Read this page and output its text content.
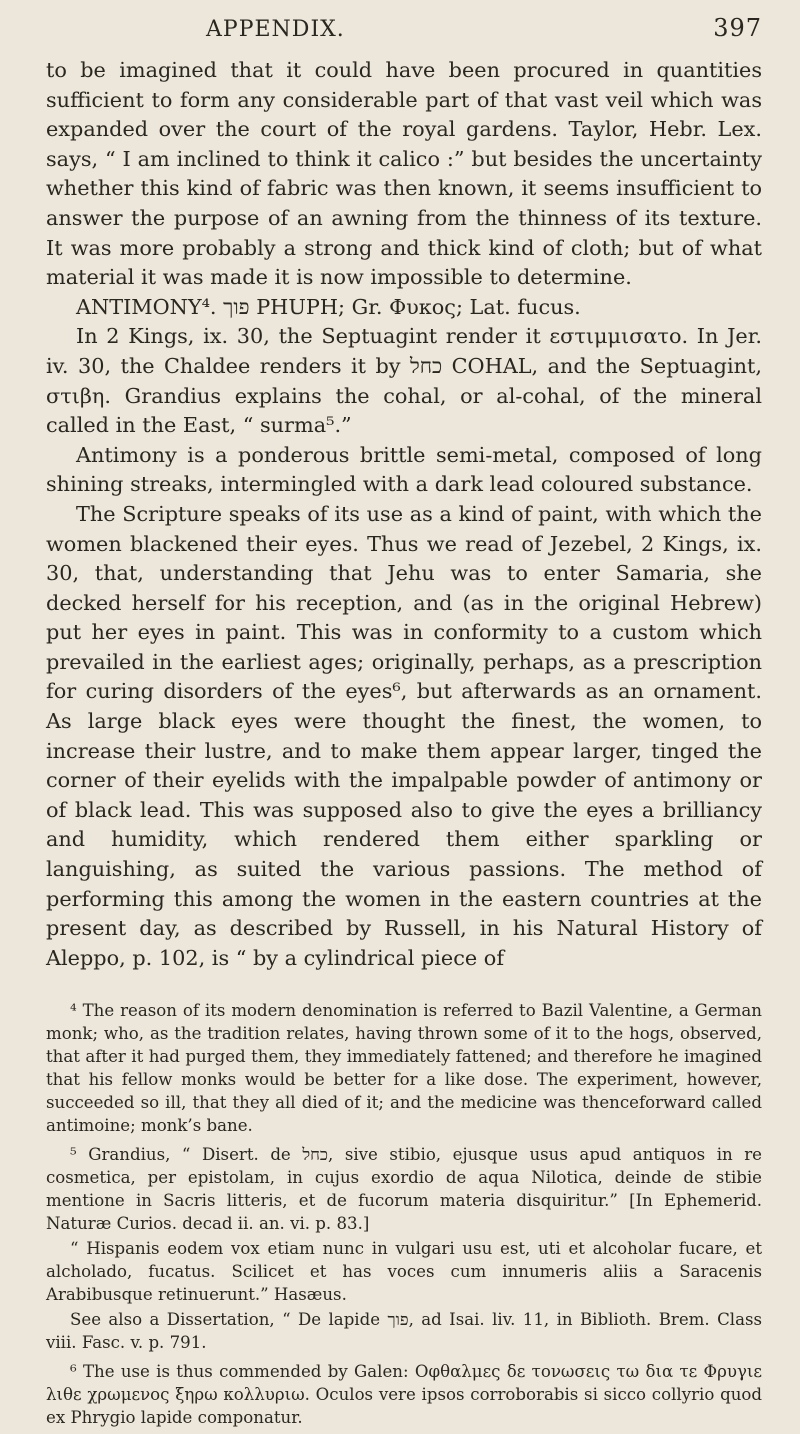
APPENDIX.	397

to be imagined that it could have been procured in quantities sufficient to form any considerable part of that vast veil which was expanded over the court of the royal gardens. Taylor, Hebr. Lex. says, “ I am inclined to think it calico :” but besides the uncertainty whether this kind of fabric was then known, it seems insufficient to answer the purpose of an awning from the thinness of its texture. It was more probably a strong and thick kind of cloth; but of what material it was made it is now impossible to determine.

ANTIMONY⁴. פוך PHUPH; Gr. Φυκος; Lat. fucus.

In 2 Kings, ix. 30, the Septuagint render it εστιμμισατο. In Jer. iv. 30, the Chaldee renders it by כחל COHAL, and the Septuagint, στιβη. Grandius explains the cohal, or al-cohal, of the mineral called in the East, “ surma⁵.”

Antimony is a ponderous brittle semi-metal, composed of long shining streaks, intermingled with a dark lead coloured substance.

The Scripture speaks of its use as a kind of paint, with which the women blackened their eyes. Thus we read of Jezebel, 2 Kings, ix. 30, that, understanding that Jehu was to enter Samaria, she decked herself for his reception, and (as in the original Hebrew) put her eyes in paint. This was in conformity to a custom which prevailed in the earliest ages; originally, perhaps, as a prescription for curing disorders of the eyes⁶, but afterwards as an ornament. As large black eyes were thought the finest, the women, to increase their lustre, and to make them appear larger, tinged the corner of their eyelids with the impalpable powder of antimony or of black lead. This was supposed also to give the eyes a brilliancy and humidity, which rendered them either sparkling or languishing, as suited the various passions. The method of performing this among the women in the eastern countries at the present day, as described by Russell, in his Natural History of Aleppo, p. 102, is “ by a cylindrical piece of

⁴ The reason of its modern denomination is referred to Bazil Valentine, a German monk; who, as the tradition relates, having thrown some of it to the hogs, observed, that after it had purged them, they immediately fattened; and therefore he imagined that his fellow monks would be better for a like dose. The experiment, however, succeeded so ill, that they all died of it; and the medicine was thenceforward called antimoine; monk’s bane.

⁵ Grandius, “ Disert. de כחל, sive stibio, ejusque usus apud antiquos in re cosmetica, per epistolam, in cujus exordio de aqua Nilotica, deinde de stibie mentione in Sacris litteris, et de fucorum materia disquiritur.” [In Ephemerid. Naturæ Curios. decad ii. an. vi. p. 83.]

“ Hispanis eodem vox etiam nunc in vulgari usu est, uti et alcoholar fucare, et alcholado, fucatus. Scilicet et has voces cum innumeris aliis a Saracenis Arabibusque retinuerunt.” Hasæus.

See also a Dissertation, “ De lapide פוך, ad Isai. liv. 11, in Biblioth. Brem. Class viii. Fasc. v. p. 791.

⁶ The use is thus commended by Galen: Οφθαλμες δε τονωσεις τω δια τε Φρυγιε λιθε χρωμενος ξηρω κολλυριω. Oculos vere ipsos corroborabis si sicco collyrio quod ex Phrygio lapide componatur.
